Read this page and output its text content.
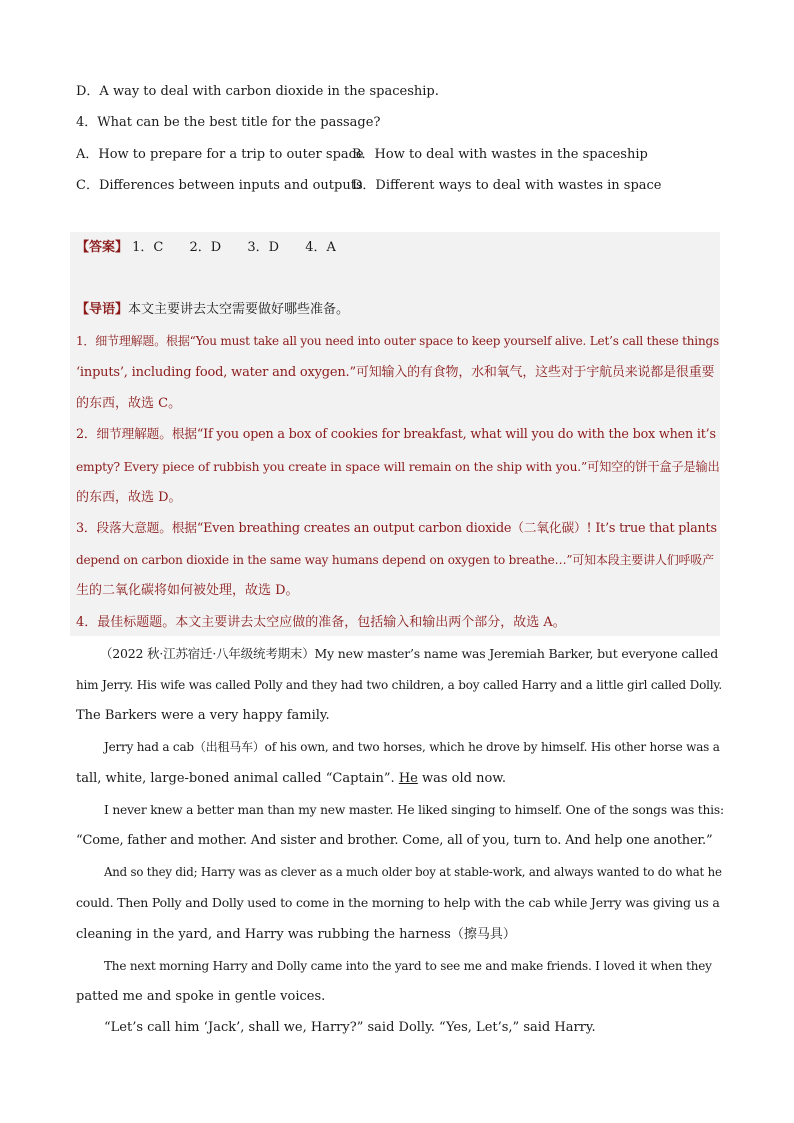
D．A way to deal with carbon dioxide in the spaceship.
4．What can be the best title for the passage?
A．How to prepare for a trip to outer space
B．How to deal with wastes in the spaceship
C．Differences between inputs and outputs
D．Different ways to deal with wastes in space
【答案】 1．C 2．D 3．D 4．A
【导语】本文主要讲去太空需要做好哪些准备。
1．细节理解题。根据“You must take all you need into outer space to keep yourself alive. Let’s call these things
‘inputs’, including food, water and oxygen.”可知输入的有食物，水和氧气，这些对于宇航员来说都是很重要
的东西，故选 C。
2．细节理解题。根据“If you open a box of cookies for breakfast, what will you do with the box when it’s
empty? Every piece of rubbish you create in space will remain on the ship with you.”可知空的饼干盒子是输出
的东西，故选 D。
3．段落大意题。根据“Even breathing creates an output carbon dioxide（二氧化碳）! It’s true that plants
depend on carbon dioxide in the same way humans depend on oxygen to breathe…”可知本段主要讲人们呼吸产
生的二氧化碳将如何被处理，故选 D。
4．最佳标题题。本文主要讲去太空应做的准备，包括输入和输出两个部分，故选 A。
（2022 秋·江苏宿迁·八年级统考期末）My new master’s name was Jeremiah Barker, but everyone called
him Jerry. His wife was called Polly and they had two children, a boy called Harry and a little girl called Dolly.
The Barkers were a very happy family.
Jerry had a cab（出租马车）of his own, and two horses, which he drove by himself. His other horse was a
tall, white, large-boned animal called “Captain”. He was old now.
I never knew a better man than my new master. He liked singing to himself. One of the songs was this:
“Come, father and mother. And sister and brother. Come, all of you, turn to. And help one another.”
And so they did; Harry was as clever as a much older boy at stable-work, and always wanted to do what he
could. Then Polly and Dolly used to come in the morning to help with the cab while Jerry was giving us a
cleaning in the yard, and Harry was rubbing the harness（擦马具）
The next morning Harry and Dolly came into the yard to see me and make friends. I loved it when they
patted me and spoke in gentle voices.
“Let’s call him ‘Jack’, shall we, Harry?” said Dolly. “Yes, Let’s,” said Harry.
